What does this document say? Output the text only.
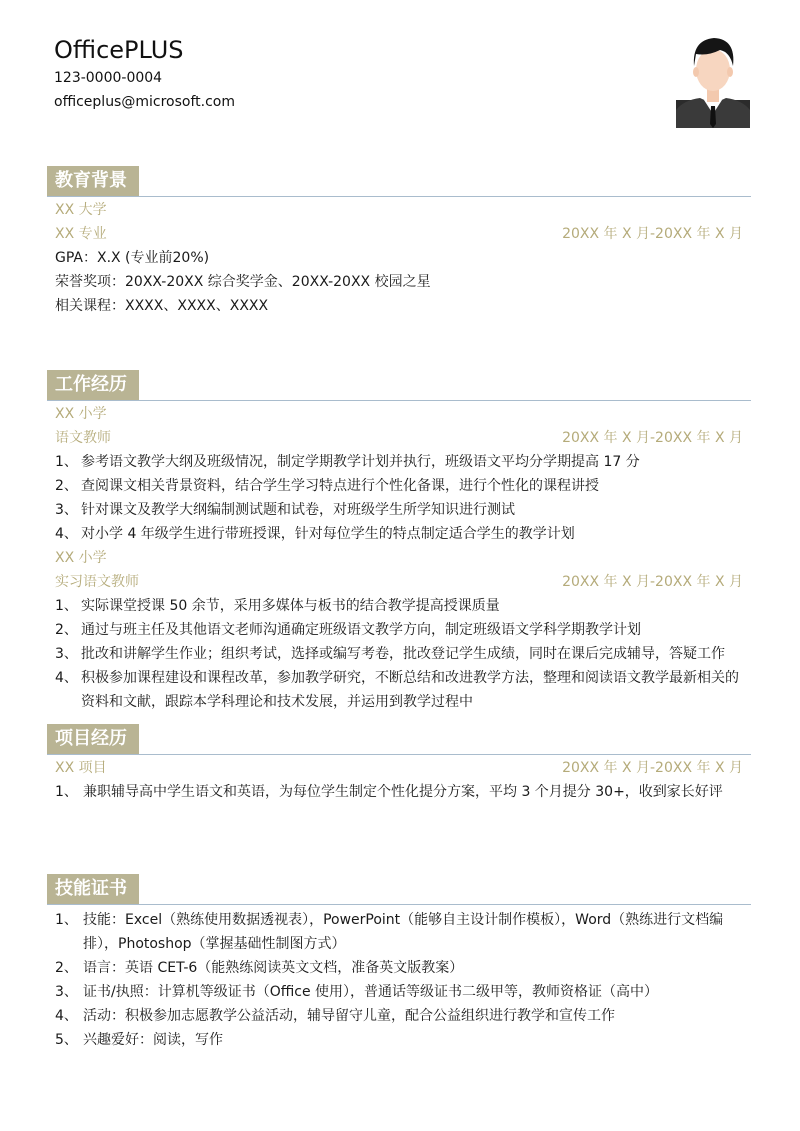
OfficePLUS
123-0000-0004
officeplus@microsoft.com
教育背景
XX 大学
XX 专业	20XX 年 X 月-20XX 年 X 月
GPA：X.X (专业前20%)
荣誉奖项：20XX-20XX 综合奖学金、20XX-20XX 校园之星
相关课程：XXXX、XXXX、XXXX
工作经历
XX 小学
语文教师	20XX 年 X 月-20XX 年 X 月
1、 参考语文教学大纲及班级情况，制定学期教学计划并执行，班级语文平均分学期提高 17 分
2、 查阅课文相关背景资料，结合学生学习特点进行个性化备课，进行个性化的课程讲授
3、 针对课文及教学大纲编制测试题和试卷，对班级学生所学知识进行测试
4、 对小学 4 年级学生进行带班授课，针对每位学生的特点制定适合学生的教学计划
XX 小学
实习语文教师	20XX 年 X 月-20XX 年 X 月
1、 实际课堂授课 50 余节，采用多媒体与板书的结合教学提高授课质量
2、 通过与班主任及其他语文老师沟通确定班级语文教学方向，制定班级语文学科学期教学计划
3、 批改和讲解学生作业；组织考试，选择或编写考卷，批改登记学生成绩，同时在课后完成辅导，答疑工作
4、 积极参加课程建设和课程改革，参加教学研究，不断总结和改进教学方法，整理和阅读语文教学最新相关的资料和文献，跟踪本学科理论和技术发展，并运用到教学过程中
项目经历
XX 项目	20XX 年 X 月-20XX 年 X 月
1、 兼职辅导高中学生语文和英语，为每位学生制定个性化提分方案，平均 3 个月提分 30+，收到家长好评
技能证书
1、 技能：Excel（熟练使用数据透视表），PowerPoint（能够自主设计制作模板），Word（熟练进行文档编排），Photoshop（掌握基础性制图方式）
2、 语言：英语 CET-6（能熟练阅读英文文档，准备英文版教案）
3、 证书/执照：计算机等级证书（Office 使用），普通话等级证书二级甲等，教师资格证（高中）
4、 活动：积极参加志愿教学公益活动，辅导留守儿童，配合公益组织进行教学和宣传工作
5、 兴趣爱好：阅读，写作
